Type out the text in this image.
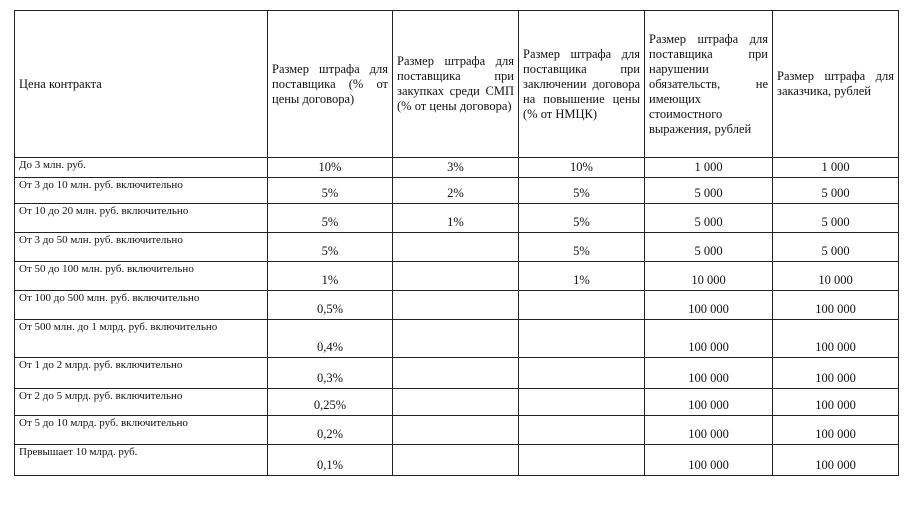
Цена контракта	Размер штрафа для поставщика (% от цены договора)	Размер штрафа для поставщика при закупках среди СМП (% от цены договора)	Размер штрафа для поставщика при заключении договора на повышение цены (% от НМЦК)	Размер штрафа для поставщика при нарушении обязательств, не имеющих стоимостного выражения, рублей	Размер штрафа для заказчика, рублей
До 3 млн. руб.	10%	3%	10%	1 000	1 000
От 3 до 10 млн. руб. включительно	5%	2%	5%	5 000	5 000
От 10 до 20 млн. руб. включительно	5%	1%	5%	5 000	5 000
От 3 до 50 млн. руб. включительно	5%		5%	5 000	5 000
От 50 до 100 млн. руб. включительно	1%		1%	10 000	10 000
От 100 до 500 млн. руб. включительно	0,5%			100 000	100 000
От 500 млн. до 1 млрд. руб. включительно	0,4%			100 000	100 000
От 1 до 2 млрд. руб. включительно	0,3%			100 000	100 000
От 2 до 5 млрд. руб. включительно	0,25%			100 000	100 000
От 5 до 10 млрд. руб. включительно	0,2%			100 000	100 000
Превышает 10 млрд. руб.	0,1%			100 000	100 000
